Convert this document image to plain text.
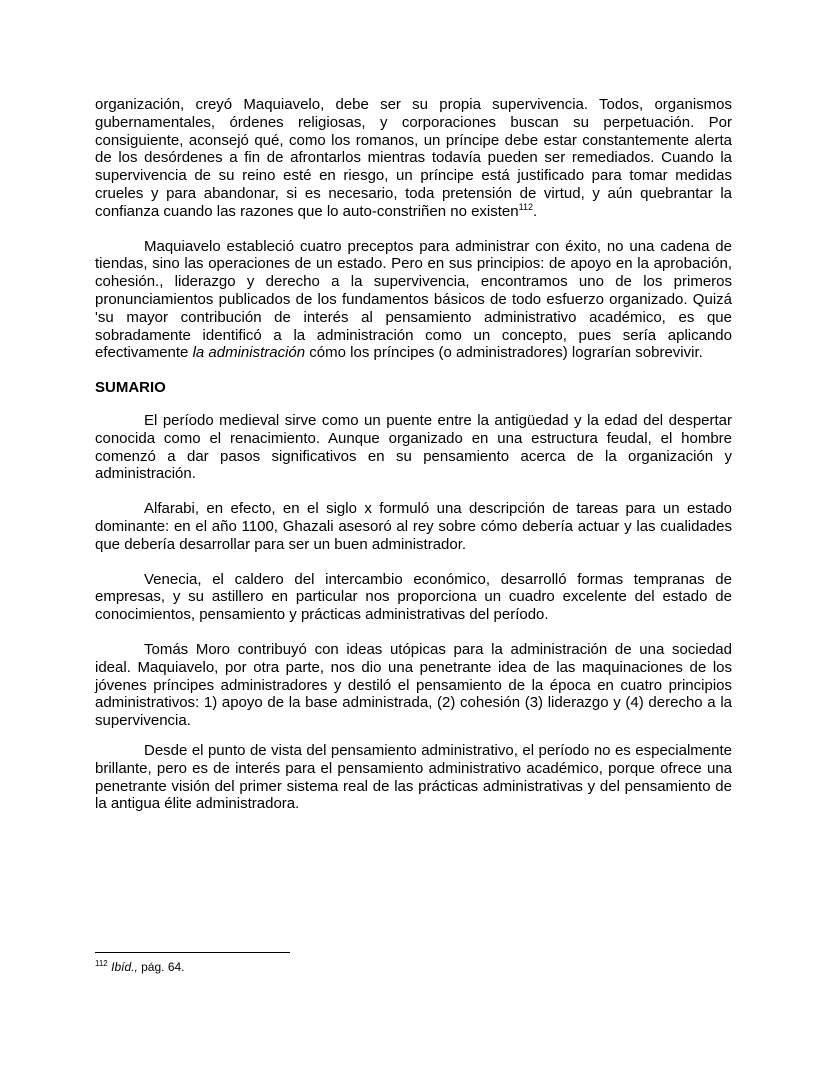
organización, creyó Maquiavelo, debe ser su propia supervivencia. Todos, organismos gubernamentales, órdenes religiosas, y corporaciones buscan su perpetuación. Por consiguiente, aconsejó qué, como los romanos, un príncipe debe estar constantemente alerta de los desórdenes a fin de afrontarlos mientras todavía pueden ser remediados. Cuando la supervivencia de su reino esté en riesgo, un príncipe está justificado para tomar medidas crueles y para abandonar, si es necesario, toda pretensión de virtud, y aún quebrantar la confianza cuando las razones que lo auto-constriñen no existen$^{112}$.

Maquiavelo estableció cuatro preceptos para administrar con éxito, no una cadena de tiendas, sino las operaciones de un estado. Pero en sus principios: de apoyo en la aprobación, cohesión., liderazgo y derecho a la supervivencia, encontramos uno de los primeros pronunciamientos publicados de los fundamentos básicos de todo esfuerzo organizado. Quizá 'su mayor contribución de interés al pensamiento administrativo académico, es que sobradamente identificó a la administración como un concepto, pues sería aplicando efectivamente la administración cómo los príncipes (o administradores) lograrían sobrevivir.

SUMARIO

El período medieval sirve como un puente entre la antigüedad y la edad del despertar conocida como el renacimiento. Aunque organizado en una estructura feudal, el hombre comenzó a dar pasos significativos en su pensamiento acerca de la organización y administración.

Alfarabi, en efecto, en el siglo x formuló una descripción de tareas para un estado dominante: en el año 1100, Ghazali asesoró al rey sobre cómo debería actuar y las cualidades que debería desarrollar para ser un buen administrador.

Venecia, el caldero del intercambio económico, desarrolló formas tempranas de empresas, y su astillero en particular nos proporciona un cuadro excelente del estado de conocimientos, pensamiento y prácticas administrativas del período.

Tomás Moro contribuyó con ideas utópicas para la administración de una sociedad ideal. Maquiavelo, por otra parte, nos dio una penetrante idea de las maquinaciones de los jóvenes príncipes administradores y destiló el pensamiento de la época en cuatro principios administrativos: 1) apoyo de la base administrada, (2) cohesión (3) liderazgo y (4) derecho a la supervivencia.

Desde el punto de vista del pensamiento administrativo, el período no es especialmente brillante, pero es de interés para el pensamiento administrativo académico, porque ofrece una penetrante visión del primer sistema real de las prácticas administrativas y del pensamiento de la antigua élite administradora.

$^{112}$ Ibíd., pág. 64.
